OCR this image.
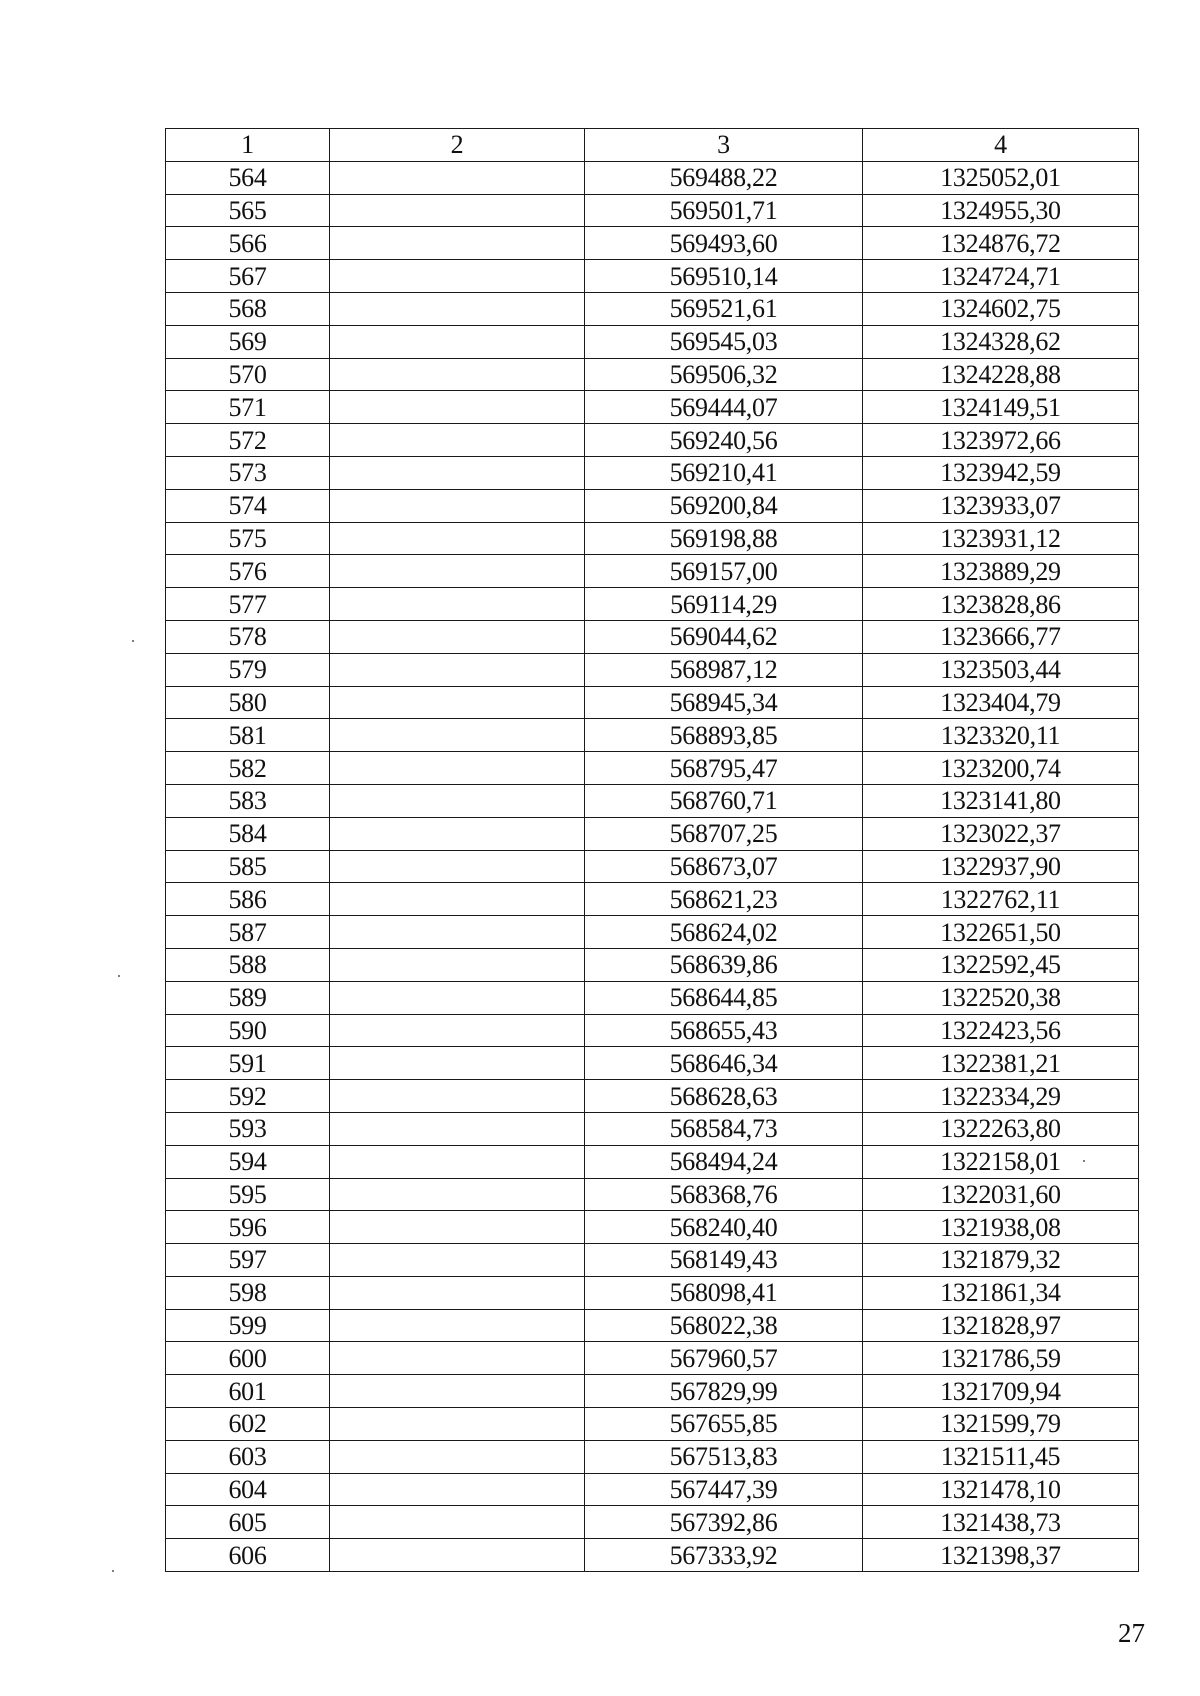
1	2	3	4
564		569488,22	1325052,01
565		569501,71	1324955,30
566		569493,60	1324876,72
567		569510,14	1324724,71
568		569521,61	1324602,75
569		569545,03	1324328,62
570		569506,32	1324228,88
571		569444,07	1324149,51
572		569240,56	1323972,66
573		569210,41	1323942,59
574		569200,84	1323933,07
575		569198,88	1323931,12
576		569157,00	1323889,29
577		569114,29	1323828,86
578		569044,62	1323666,77
579		568987,12	1323503,44
580		568945,34	1323404,79
581		568893,85	1323320,11
582		568795,47	1323200,74
583		568760,71	1323141,80
584		568707,25	1323022,37
585		568673,07	1322937,90
586		568621,23	1322762,11
587		568624,02	1322651,50
588		568639,86	1322592,45
589		568644,85	1322520,38
590		568655,43	1322423,56
591		568646,34	1322381,21
592		568628,63	1322334,29
593		568584,73	1322263,80
594		568494,24	1322158,01
595		568368,76	1322031,60
596		568240,40	1321938,08
597		568149,43	1321879,32
598		568098,41	1321861,34
599		568022,38	1321828,97
600		567960,57	1321786,59
601		567829,99	1321709,94
602		567655,85	1321599,79
603		567513,83	1321511,45
604		567447,39	1321478,10
605		567392,86	1321438,73
606		567333,92	1321398,37
27
